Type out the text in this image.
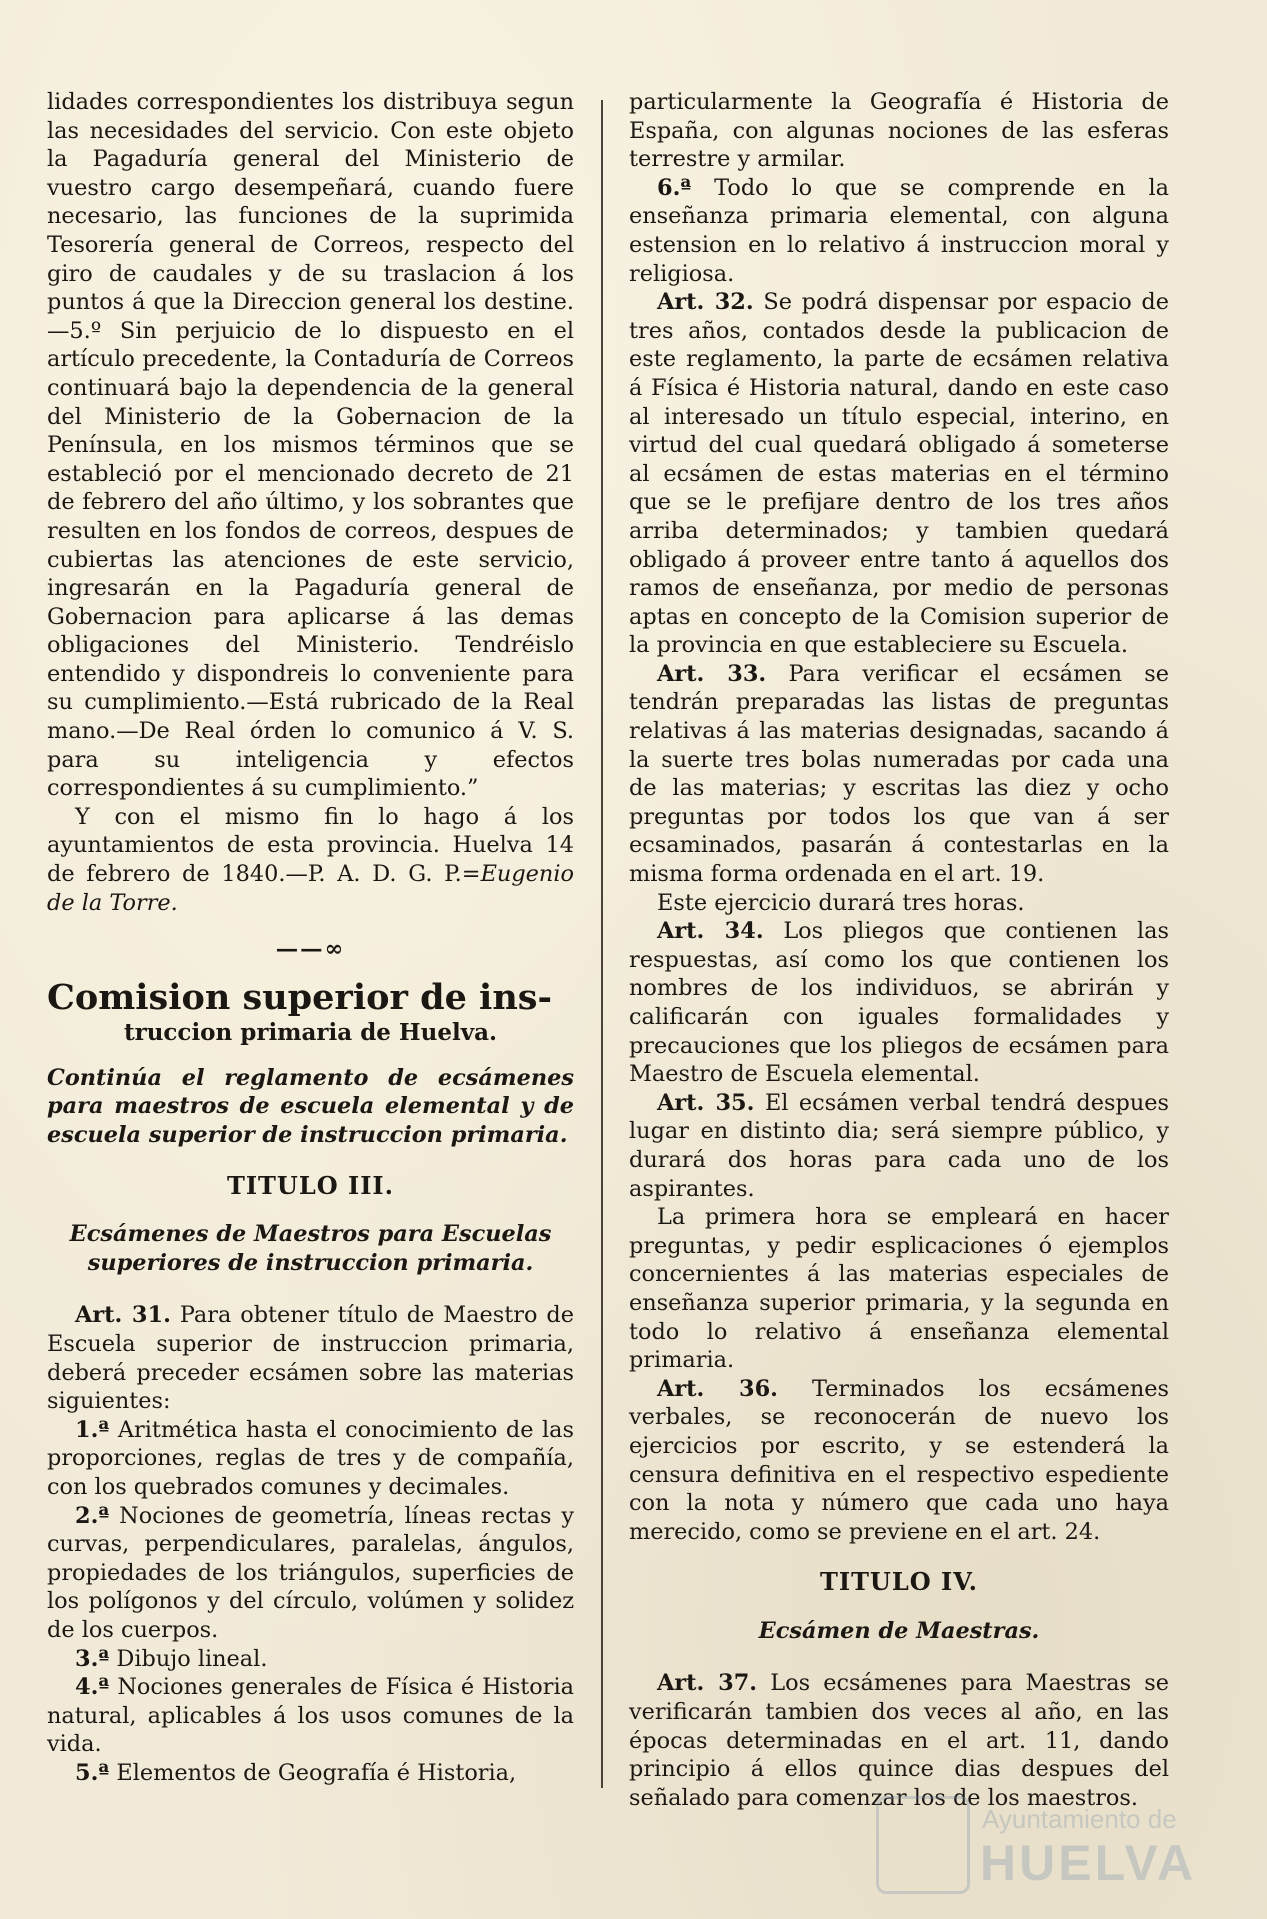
lidades correspondientes los distribuya segun las necesidades del servicio. Con este objeto la Pagaduría general del Ministerio de vuestro cargo desempeñará, cuando fuere necesario, las funciones de la suprimida Tesorería general de Correos, respecto del giro de caudales y de su traslacion á los puntos á que la Direccion general los destine.—5.º Sin perjuicio de lo dispuesto en el artículo precedente, la Contaduría de Correos continuará bajo la dependencia de la general del Ministerio de la Gobernacion de la Península, en los mismos términos que se estableció por el mencionado decreto de 21 de febrero del año último, y los sobrantes que resulten en los fondos de correos, despues de cubiertas las atenciones de este servicio, ingresarán en la Pagaduría general de Gobernacion para aplicarse á las demas obligaciones del Ministerio. Tendréislo entendido y dispondreis lo conveniente para su cumplimiento.—Está rubricado de la Real mano.—De Real órden lo comunico á V. S. para su inteligencia y efectos correspondientes á su cumplimiento.”

Y con el mismo fin lo hago á los ayuntamientos de esta provincia. Huelva 14 de febrero de 1840.—P. A. D. G. P.=Eugenio de la Torre.

——∞
Comision superior de ins-
truccion primaria de Huelva.

Continúa el reglamento de ecsámenes para maestros de escuela elemental y de escuela superior de instruccion primaria.

TITULO III.

Ecsámenes de Maestros para Escuelas superiores de instruccion primaria.

Art. 31. Para obtener título de Maestro de Escuela superior de instruccion primaria, deberá preceder ecsámen sobre las materias siguientes:

1.ª Aritmética hasta el conocimiento de las proporciones, reglas de tres y de compañía, con los quebrados comunes y decimales.

2.ª Nociones de geometría, líneas rectas y curvas, perpendiculares, paralelas, ángulos, propiedades de los triángulos, superficies de los polígonos y del círculo, volúmen y solidez de los cuerpos.

3.ª Dibujo lineal.

4.ª Nociones generales de Física é Historia natural, aplicables á los usos comunes de la vida.

5.ª Elementos de Geografía é Historia,

particularmente la Geografía é Historia de España, con algunas nociones de las esferas terrestre y armilar.

6.ª Todo lo que se comprende en la enseñanza primaria elemental, con alguna estension en lo relativo á instruccion moral y religiosa.

Art. 32. Se podrá dispensar por espacio de tres años, contados desde la publicacion de este reglamento, la parte de ecsámen relativa á Física é Historia natural, dando en este caso al interesado un título especial, interino, en virtud del cual quedará obligado á someterse al ecsámen de estas materias en el término que se le prefijare dentro de los tres años arriba determinados; y tambien quedará obligado á proveer entre tanto á aquellos dos ramos de enseñanza, por medio de personas aptas en concepto de la Comision superior de la provincia en que estableciere su Escuela.

Art. 33. Para verificar el ecsámen se tendrán preparadas las listas de preguntas relativas á las materias designadas, sacando á la suerte tres bolas numeradas por cada una de las materias; y escritas las diez y ocho preguntas por todos los que van á ser ecsaminados, pasarán á contestarlas en la misma forma ordenada en el art. 19.

Este ejercicio durará tres horas.

Art. 34. Los pliegos que contienen las respuestas, así como los que contienen los nombres de los individuos, se abrirán y calificarán con iguales formalidades y precauciones que los pliegos de ecsámen para Maestro de Escuela elemental.

Art. 35. El ecsámen verbal tendrá despues lugar en distinto dia; será siempre público, y durará dos horas para cada uno de los aspirantes.

La primera hora se empleará en hacer preguntas, y pedir esplicaciones ó ejemplos concernientes á las materias especiales de enseñanza superior primaria, y la segunda en todo lo relativo á enseñanza elemental primaria.

Art. 36. Terminados los ecsámenes verbales, se reconocerán de nuevo los ejercicios por escrito, y se estenderá la censura definitiva en el respectivo espediente con la nota y número que cada uno haya merecido, como se previene en el art. 24.

TITULO IV.

Ecsámen de Maestras.

Art. 37. Los ecsámenes para Maestras se verificarán tambien dos veces al año, en las épocas determinadas en el art. 11, dando principio á ellos quince dias despues del señalado para comenzar los de los maestros.

Ayuntamiento de
HUELVA
